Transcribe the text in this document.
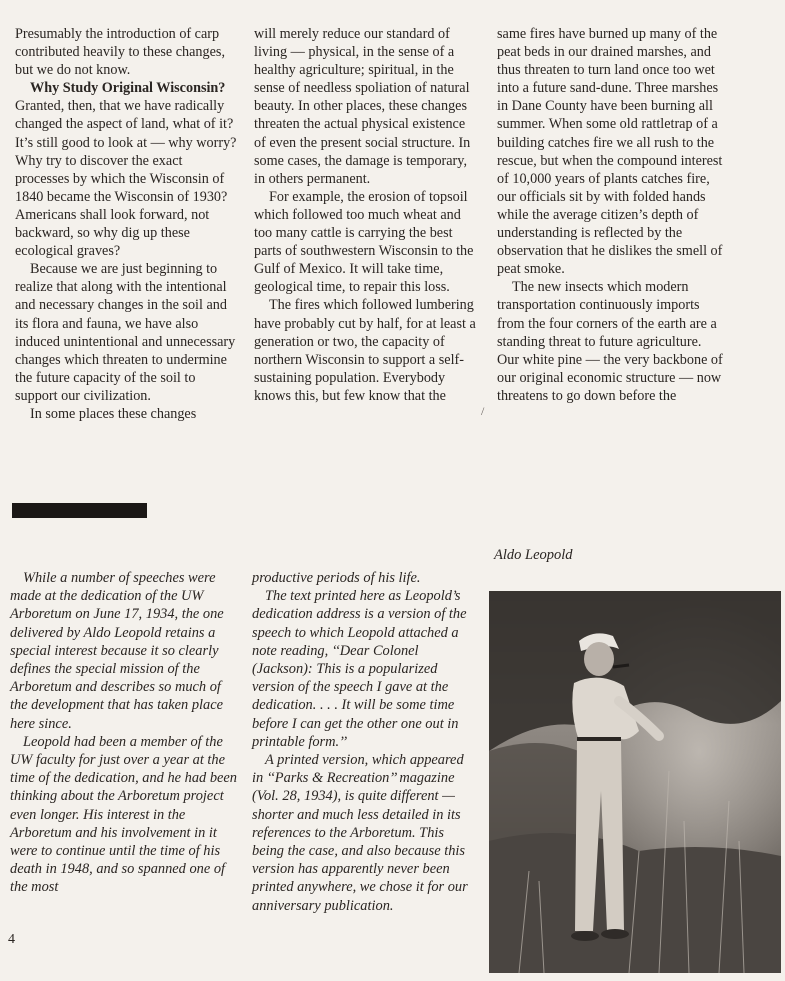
Presumably the introduction of carp contributed heavily to these changes, but we do not know.

Why Study Original Wisconsin?

Granted, then, that we have radically changed the aspect of land, what of it? It’s still good to look at — why worry? Why try to discover the exact processes by which the Wisconsin of 1840 became the Wisconsin of 1930? Americans shall look forward, not backward, so why dig up these ecological graves?

Because we are just beginning to realize that along with the intentional and necessary changes in the soil and its flora and fauna, we have also induced unintentional and unnecessary changes which threaten to undermine the future capacity of the soil to support our civilization.

In some places these changes

will merely reduce our standard of living — physical, in the sense of a healthy agriculture; spiritual, in the sense of needless spoliation of natural beauty. In other places, these changes threaten the actual physical existence of even the present social structure. In some cases, the damage is temporary, in others permanent.

For example, the erosion of topsoil which followed too much wheat and too many cattle is carrying the best parts of southwestern Wisconsin to the Gulf of Mexico. It will take time, geological time, to repair this loss.

The fires which followed lumbering have probably cut by half, for at least a generation or two, the capacity of northern Wisconsin to support a self-sustaining population. Everybody knows this, but few know that the

same fires have burned up many of the peat beds in our drained marshes, and thus threaten to turn land once too wet into a future sand-dune. Three marshes in Dane County have been burning all summer. When some old rattletrap of a building catches fire we all rush to the rescue, but when the compound interest of 10,000 years of plants catches fire, our officials sit by with folded hands while the average citizen’s depth of understanding is reflected by the observation that he dislikes the smell of peat smoke.

The new insects which modern transportation continuously imports from the four corners of the earth are a standing threat to future agriculture. Our white pine — the very backbone of our original economic structure — now threatens to go down before the

/

While a number of speeches were made at the dedication of the UW Arboretum on June 17, 1934, the one delivered by Aldo Leopold retains a special interest because it so clearly defines the special mission of the Arboretum and describes so much of the development that has taken place here since.

Leopold had been a member of the UW faculty for just over a year at the time of the dedication, and he had been thinking about the Arboretum project even longer. His interest in the Arboretum and his involvement in it were to continue until the time of his death in 1948, and so spanned one of the most

productive periods of his life.

The text printed here as Leopold’s dedication address is a version of the speech to which Leopold attached a note reading, ‘‘Dear Colonel (Jackson): This is a popularized version of the speech I gave at the dedication. . . . It will be some time before I can get the other one out in printable form.’’

A printed version, which appeared in ‘‘Parks & Recreation’’ magazine (Vol. 28, 1934), is quite different — shorter and much less detailed in its references to the Arboretum. This being the case, and also because this version has apparently never been printed anywhere, we chose it for our anniversary publication.

Aldo Leopold
4
